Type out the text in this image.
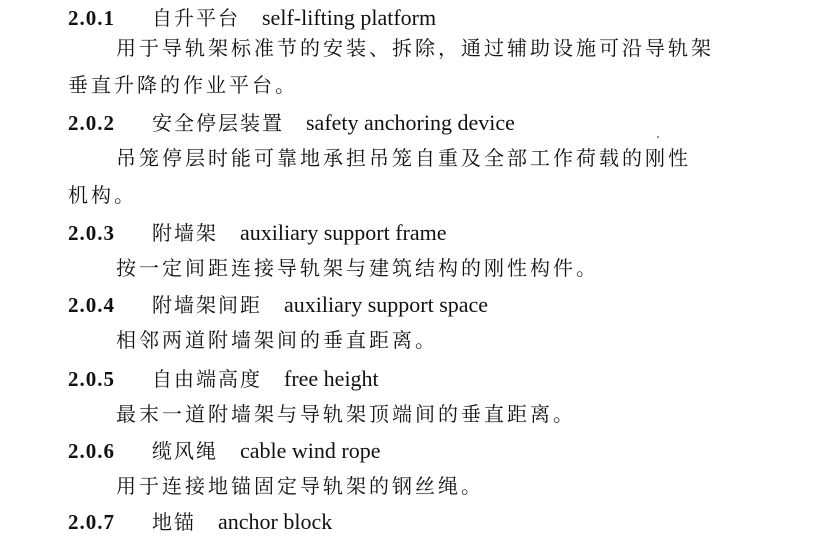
2.0.1 自升平台 self-lifting platform
用于导轨架标准节的安装、拆除，通过辅助设施可沿导轨架
垂直升降的作业平台。
2.0.2 安全停层装置 safety anchoring device
吊笼停层时能可靠地承担吊笼自重及全部工作荷载的刚性
机构。
2.0.3 附墙架 auxiliary support frame
按一定间距连接导轨架与建筑结构的刚性构件。
2.0.4 附墙架间距 auxiliary support space
相邻两道附墙架间的垂直距离。
2.0.5 自由端高度 free height
最末一道附墙架与导轨架顶端间的垂直距离。
2.0.6 缆风绳 cable wind rope
用于连接地锚固定导轨架的钢丝绳。
2.0.7 地锚 anchor block
